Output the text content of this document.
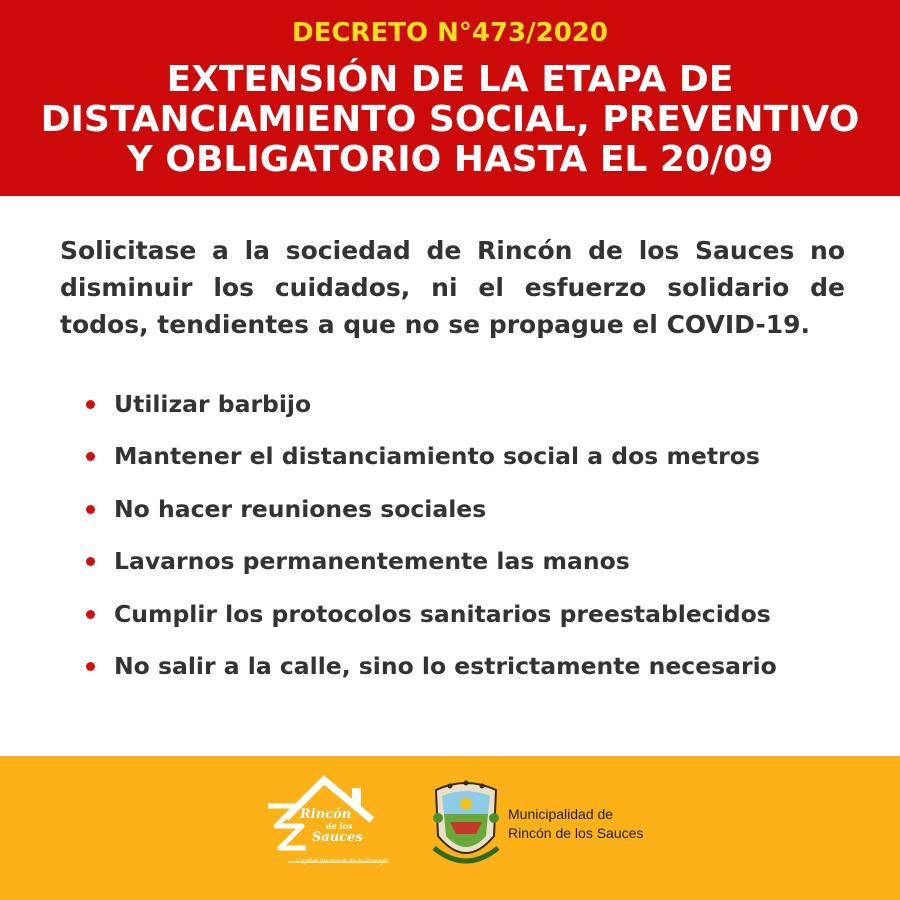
DECRETO N°473/2020
EXTENSIÓN DE LA ETAPA DE
DISTANCIAMIENTO SOCIAL, PREVENTIVO
Y OBLIGATORIO HASTA EL 20/09
Solicitase a la sociedad de Rincón de los Sauces no
disminuir los cuidados, ni el esfuerzo solidario de
todos, tendientes a que no se propague el COVID-19.
Utilizar barbijo
Mantener el distanciamiento social a dos metros
No hacer reuniones sociales
Lavarnos permanentemente las manos
Cumplir los protocolos sanitarios preestablecidos
No salir a la calle, sino lo estrictamente necesario
Rincón
de los
Sauces
Capital Nacional de la Energía
Municipalidad de
Rincón de los Sauces
